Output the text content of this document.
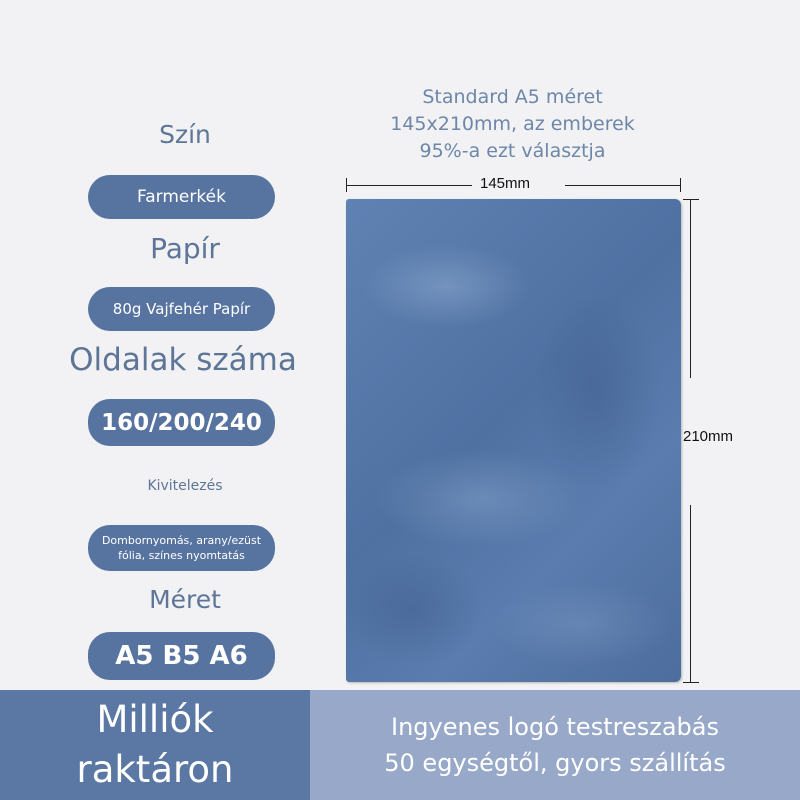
Szín
Farmerkék
Papír
80g Vajfehér Papír
Oldalak száma
160/200/240
Kivitelezés
Dombornyomás, arany/ezüst
fólia, színes nyomtatás
Méret
A5 B5 A6
Standard A5 méret
145x210mm, az emberek
95%-a ezt választja
145mm
210mm
Milliók
raktáron
Ingyenes logó testreszabás
50 egységtől, gyors szállítás
